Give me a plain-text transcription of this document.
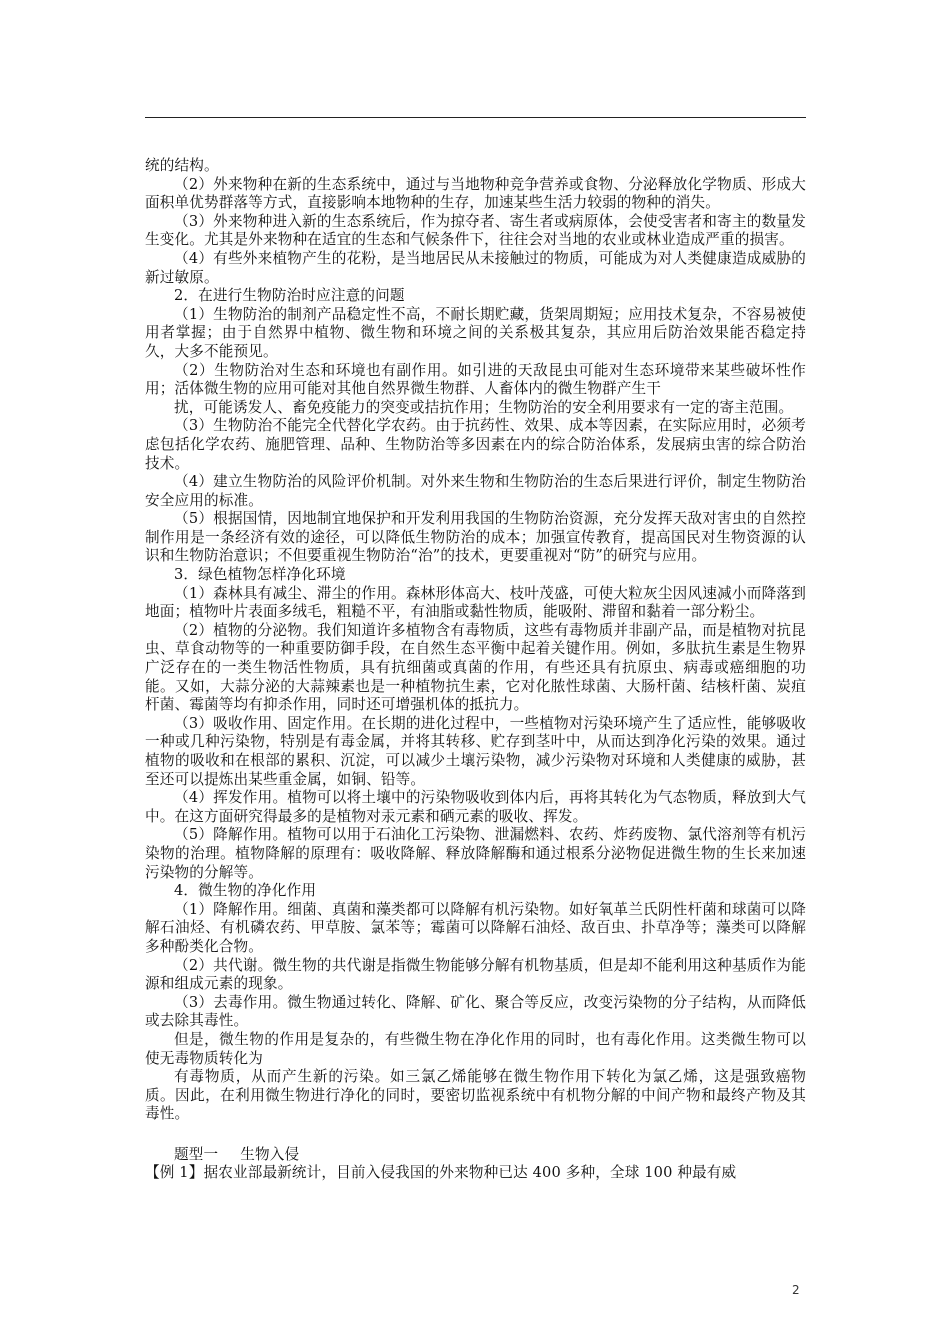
统的结构。

（2）外来物种在新的生态系统中，通过与当地物种竞争营养或食物、分泌释放化学物质、形成大面积单优势群落等方式，直接影响本地物种的生存，加速某些生活力较弱的物种的消失。

（3）外来物种进入新的生态系统后，作为掠夺者、寄生者或病原体，会使受害者和寄主的数量发生变化。尤其是外来物种在适宜的生态和气候条件下，往往会对当地的农业或林业造成严重的损害。

（4）有些外来植物产生的花粉，是当地居民从未接触过的物质，可能成为对人类健康造成威胁的新过敏原。

2．在进行生物防治时应注意的问题

（1）生物防治的制剂产品稳定性不高，不耐长期贮藏，货架周期短；应用技术复杂，不容易被使用者掌握；由于自然界中植物、微生物和环境之间的关系极其复杂，其应用后防治效果能否稳定持久，大多不能预见。

（2）生物防治对生态和环境也有副作用。如引进的天敌昆虫可能对生态环境带来某些破坏性作用；活体微生物的应用可能对其他自然界微生物群、人畜体内的微生物群产生干

扰，可能诱发人、畜免疫能力的突变或拮抗作用；生物防治的安全利用要求有一定的寄主范围。

（3）生物防治不能完全代替化学农药。由于抗药性、效果、成本等因素，在实际应用时，必须考虑包括化学农药、施肥管理、品种、生物防治等多因素在内的综合防治体系，发展病虫害的综合防治技术。

（4）建立生物防治的风险评价机制。对外来生物和生物防治的生态后果进行评价，制定生物防治安全应用的标准。

（5）根据国情，因地制宜地保护和开发利用我国的生物防治资源，充分发挥天敌对害虫的自然控制作用是一条经济有效的途径，可以降低生物防治的成本；加强宣传教育，提高国民对生物资源的认识和生物防治意识；不但要重视生物防治“治”的技术，更要重视对“防”的研究与应用。

3．绿色植物怎样净化环境

（1）森林具有减尘、滞尘的作用。森林形体高大、枝叶茂盛，可使大粒灰尘因风速减小而降落到地面；植物叶片表面多绒毛，粗糙不平，有油脂或黏性物质，能吸附、滞留和黏着一部分粉尘。

（2）植物的分泌物。我们知道许多植物含有毒物质，这些有毒物质并非副产品，而是植物对抗昆虫、草食动物等的一种重要防御手段，在自然生态平衡中起着关键作用。例如，多肽抗生素是生物界广泛存在的一类生物活性物质，具有抗细菌或真菌的作用，有些还具有抗原虫、病毒或癌细胞的功能。又如，大蒜分泌的大蒜辣素也是一种植物抗生素，它对化脓性球菌、大肠杆菌、结核杆菌、炭疽杆菌、霉菌等均有抑杀作用，同时还可增强机体的抵抗力。

（3）吸收作用、固定作用。在长期的进化过程中，一些植物对污染环境产生了适应性，能够吸收一种或几种污染物，特别是有毒金属，并将其转移、贮存到茎叶中，从而达到净化污染的效果。通过植物的吸收和在根部的累积、沉淀，可以减少土壤污染物，减少污染物对环境和人类健康的威胁，甚至还可以提炼出某些重金属，如铜、铅等。

（4）挥发作用。植物可以将土壤中的污染物吸收到体内后，再将其转化为气态物质，释放到大气中。在这方面研究得最多的是植物对汞元素和硒元素的吸收、挥发。

（5）降解作用。植物可以用于石油化工污染物、泄漏燃料、农药、炸药废物、氯代溶剂等有机污染物的治理。植物降解的原理有：吸收降解、释放降解酶和通过根系分泌物促进微生物的生长来加速污染物的分解等。

4．微生物的净化作用

（1）降解作用。细菌、真菌和藻类都可以降解有机污染物。如好氧革兰氏阴性杆菌和球菌可以降解石油烃、有机磷农药、甲草胺、氯苯等；霉菌可以降解石油烃、敌百虫、扑草净等；藻类可以降解多种酚类化合物。

（2）共代谢。微生物的共代谢是指微生物能够分解有机物基质，但是却不能利用这种基质作为能源和组成元素的现象。

（3）去毒作用。微生物通过转化、降解、矿化、聚合等反应，改变污染物的分子结构，从而降低或去除其毒性。

但是，微生物的作用是复杂的，有些微生物在净化作用的同时，也有毒化作用。这类微生物可以使无毒物质转化为

有毒物质，从而产生新的污染。如三氯乙烯能够在微生物作用下转化为氯乙烯，这是强致癌物质。因此，在利用微生物进行净化的同时，要密切监视系统中有机物分解的中间产物和最终产物及其毒性。

题型一 生物入侵

【例 1】据农业部最新统计，目前入侵我国的外来物种已达 400 多种，全球 100 种最有威

2
